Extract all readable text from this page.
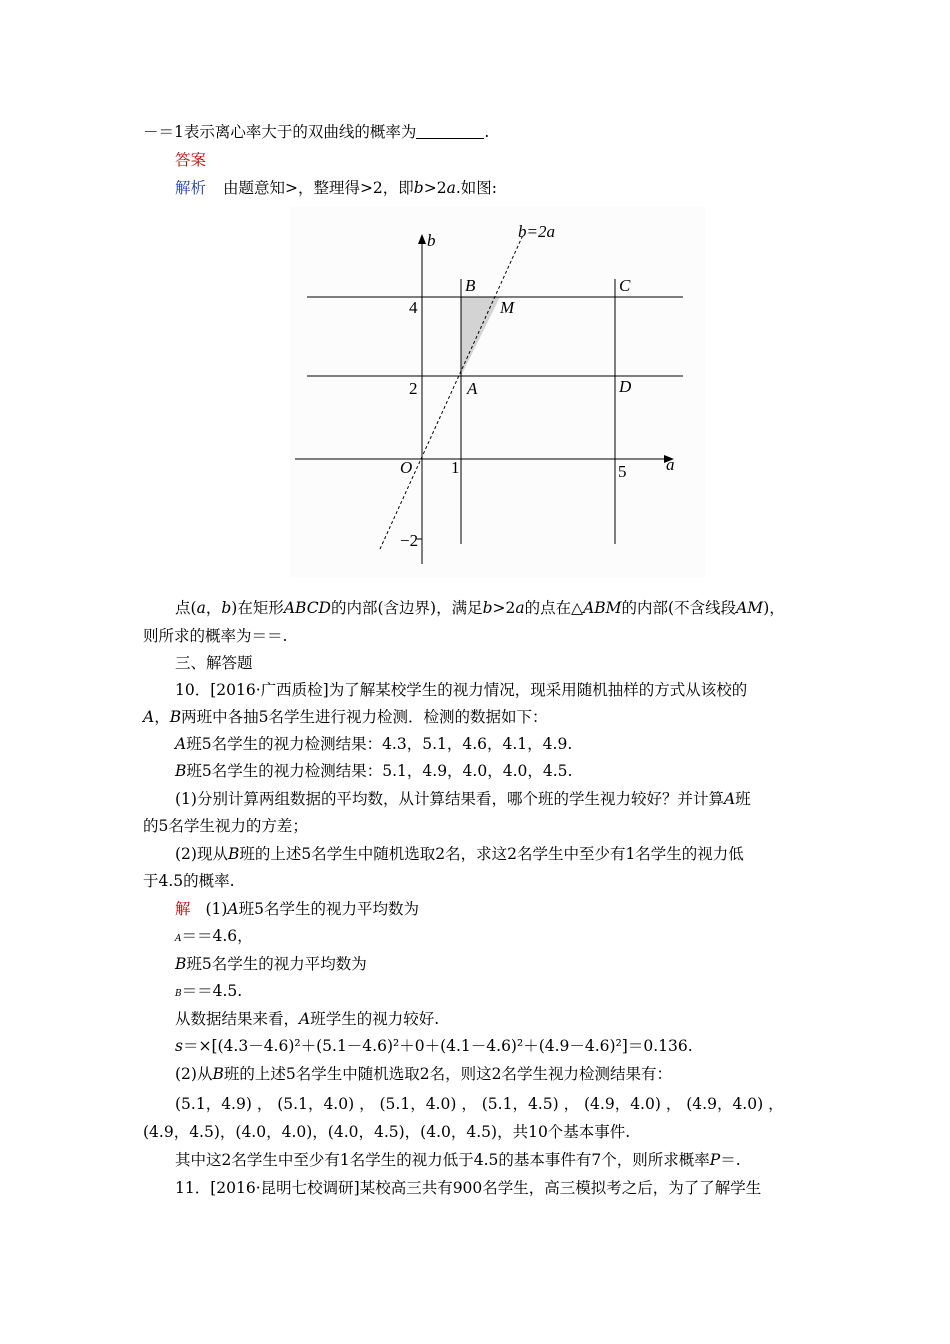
－＝1表示离心率大于的双曲线的概率为	.
答案
解析 由题意知>，整理得>2，即b>2a.如图:
b=2a
b
a
O
4
2
−2
1	5
B	C
M
A	D
点(a，b)在矩形ABCD的内部(含边界)，满足b>2a的点在△ABM的内部(不含线段AM)，
则所求的概率为＝＝.
三、解答题
10．[2016·广西质检]为了解某校学生的视力情况，现采用随机抽样的方式从该校的
A，B两班中各抽5名学生进行视力检测．检测的数据如下：
A班5名学生的视力检测结果：4.3，5.1，4.6，4.1，4.9.
B班5名学生的视力检测结果：5.1，4.9，4.0，4.0，4.5.
(1)分别计算两组数据的平均数，从计算结果看，哪个班的学生视力较好？并计算A班
的5名学生视力的方差；
(2)现从B班的上述5名学生中随机选取2名，求这2名学生中至少有1名学生的视力低
于4.5的概率.
解 (1)A班5名学生的视力平均数为
A＝＝4.6，
B班5名学生的视力平均数为
B＝＝4.5.
从数据结果来看，A班学生的视力较好.
s＝×[(4.3－4.6)²＋(5.1－4.6)²＋0＋(4.1－4.6)²＋(4.9－4.6)²]＝0.136.
(2)从B班的上述5名学生中随机选取2名，则这2名学生视力检测结果有：
(5.1，4.9) ， (5.1，4.0) ， (5.1，4.0) ， (5.1，4.5) ， (4.9，4.0) ， (4.9，4.0) ，
(4.9，4.5)，(4.0，4.0)，(4.0，4.5)，(4.0，4.5)，共10个基本事件.
其中这2名学生中至少有1名学生的视力低于4.5的基本事件有7个，则所求概率P＝.
11．[2016·昆明七校调研]某校高三共有900名学生，高三模拟考之后，为了了解学生
